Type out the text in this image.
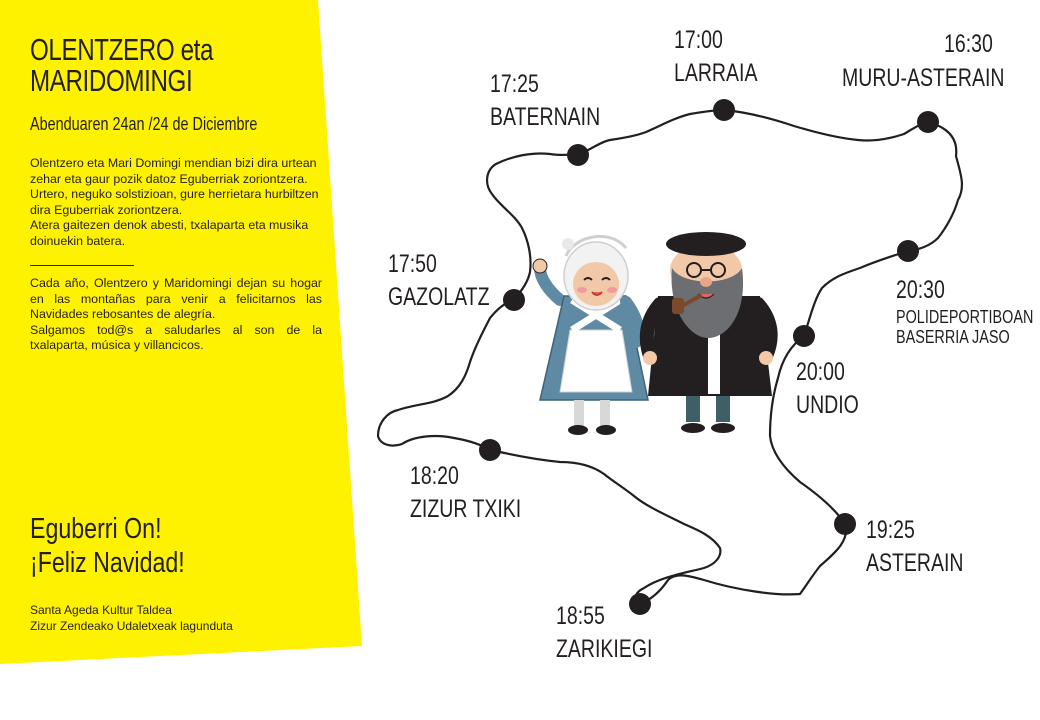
OLENTZERO eta
MARIDOMINGI
Abenduaren 24an /24 de Diciembre
Olentzero eta Mari Domingi mendian bizi dira urtean zehar eta gaur pozik datoz Eguberriak zoriontzera.
Urtero, neguko solstizioan, gure herrietara hurbiltzen dira Eguberriak zoriontzera.
Atera gaitezen denok abesti, txalaparta eta musika doinuekin batera.
Cada año, Olentzero y Maridomingi dejan su hogar en las montañas para venir a felicitarnos las Navidades rebosantes de alegría.
Salgamos tod@s a saludarles al son de la txalaparta, música y villancicos.
Eguberri On!
¡Feliz Navidad!
Santa Ageda Kultur Taldea
Zizur Zendeako Udaletxeak lagunduta
16:30
MURU-ASTERAIN
17:00
LARRAIA
17:25
BATERNAIN
17:50
GAZOLATZ
18:20
ZIZUR TXIKI
18:55
ZARIKIEGI
19:25
ASTERAIN
20:00
UNDIO
20:30
POLIDEPORTIBOAN
BASERRIA JASO
